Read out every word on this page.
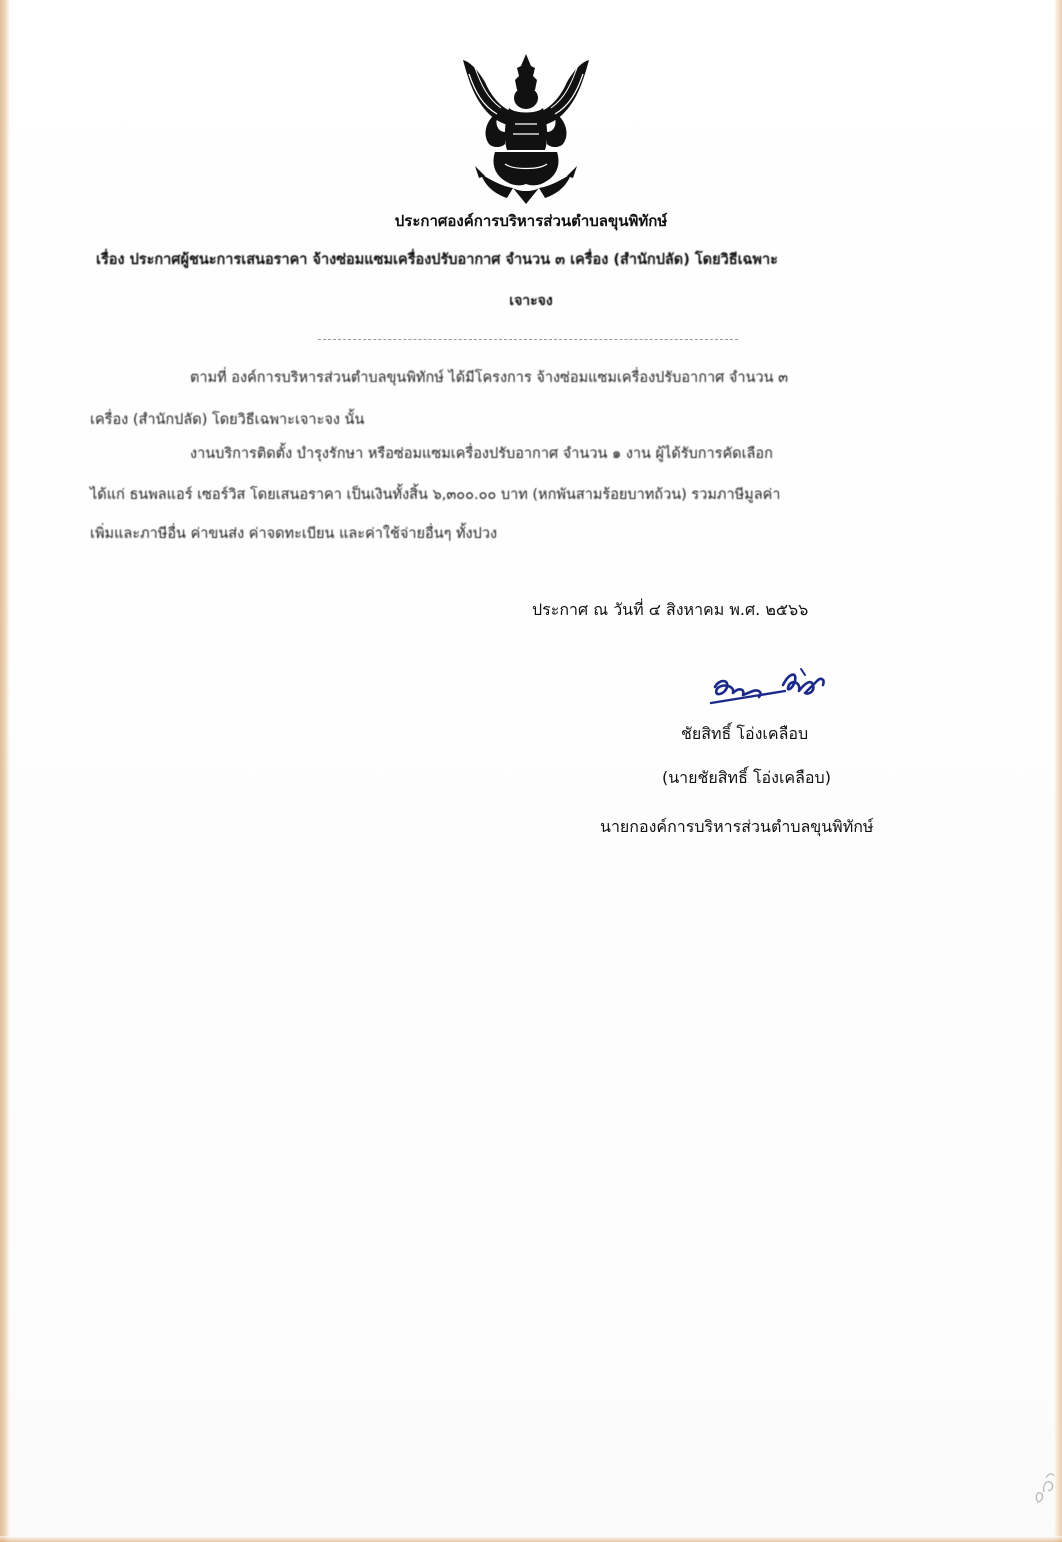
ประกาศองค์การบริหารส่วนตำบลขุนพิทักษ์
เรื่อง ประกาศผู้ชนะการเสนอราคา จ้างซ่อมแซมเครื่องปรับอากาศ จำนวน ๓ เครื่อง (สำนักปลัด) โดยวิธีเฉพาะ
เจาะจง
ตามที่ องค์การบริหารส่วนตำบลขุนพิทักษ์ ได้มีโครงการ จ้างซ่อมแซมเครื่องปรับอากาศ จำนวน ๓
เครื่อง (สำนักปลัด) โดยวิธีเฉพาะเจาะจง นั้น
งานบริการติดตั้ง บำรุงรักษา หรือซ่อมแซมเครื่องปรับอากาศ จำนวน ๑ งาน ผู้ได้รับการคัดเลือก
ได้แก่ ธนพลแอร์ เซอร์วิส โดยเสนอราคา เป็นเงินทั้งสิ้น ๖,๓๐๐.๐๐ บาท (หกพันสามร้อยบาทถ้วน) รวมภาษีมูลค่า
เพิ่มและภาษีอื่น ค่าขนส่ง ค่าจดทะเบียน และค่าใช้จ่ายอื่นๆ ทั้งปวง
ประกาศ ณ วันที่ ๔ สิงหาคม พ.ศ. ๒๕๖๖
ชัยสิทธิ์ โอ่งเคลือบ
(นายชัยสิทธิ์ โอ่งเคลือบ)
นายกองค์การบริหารส่วนตำบลขุนพิทักษ์
